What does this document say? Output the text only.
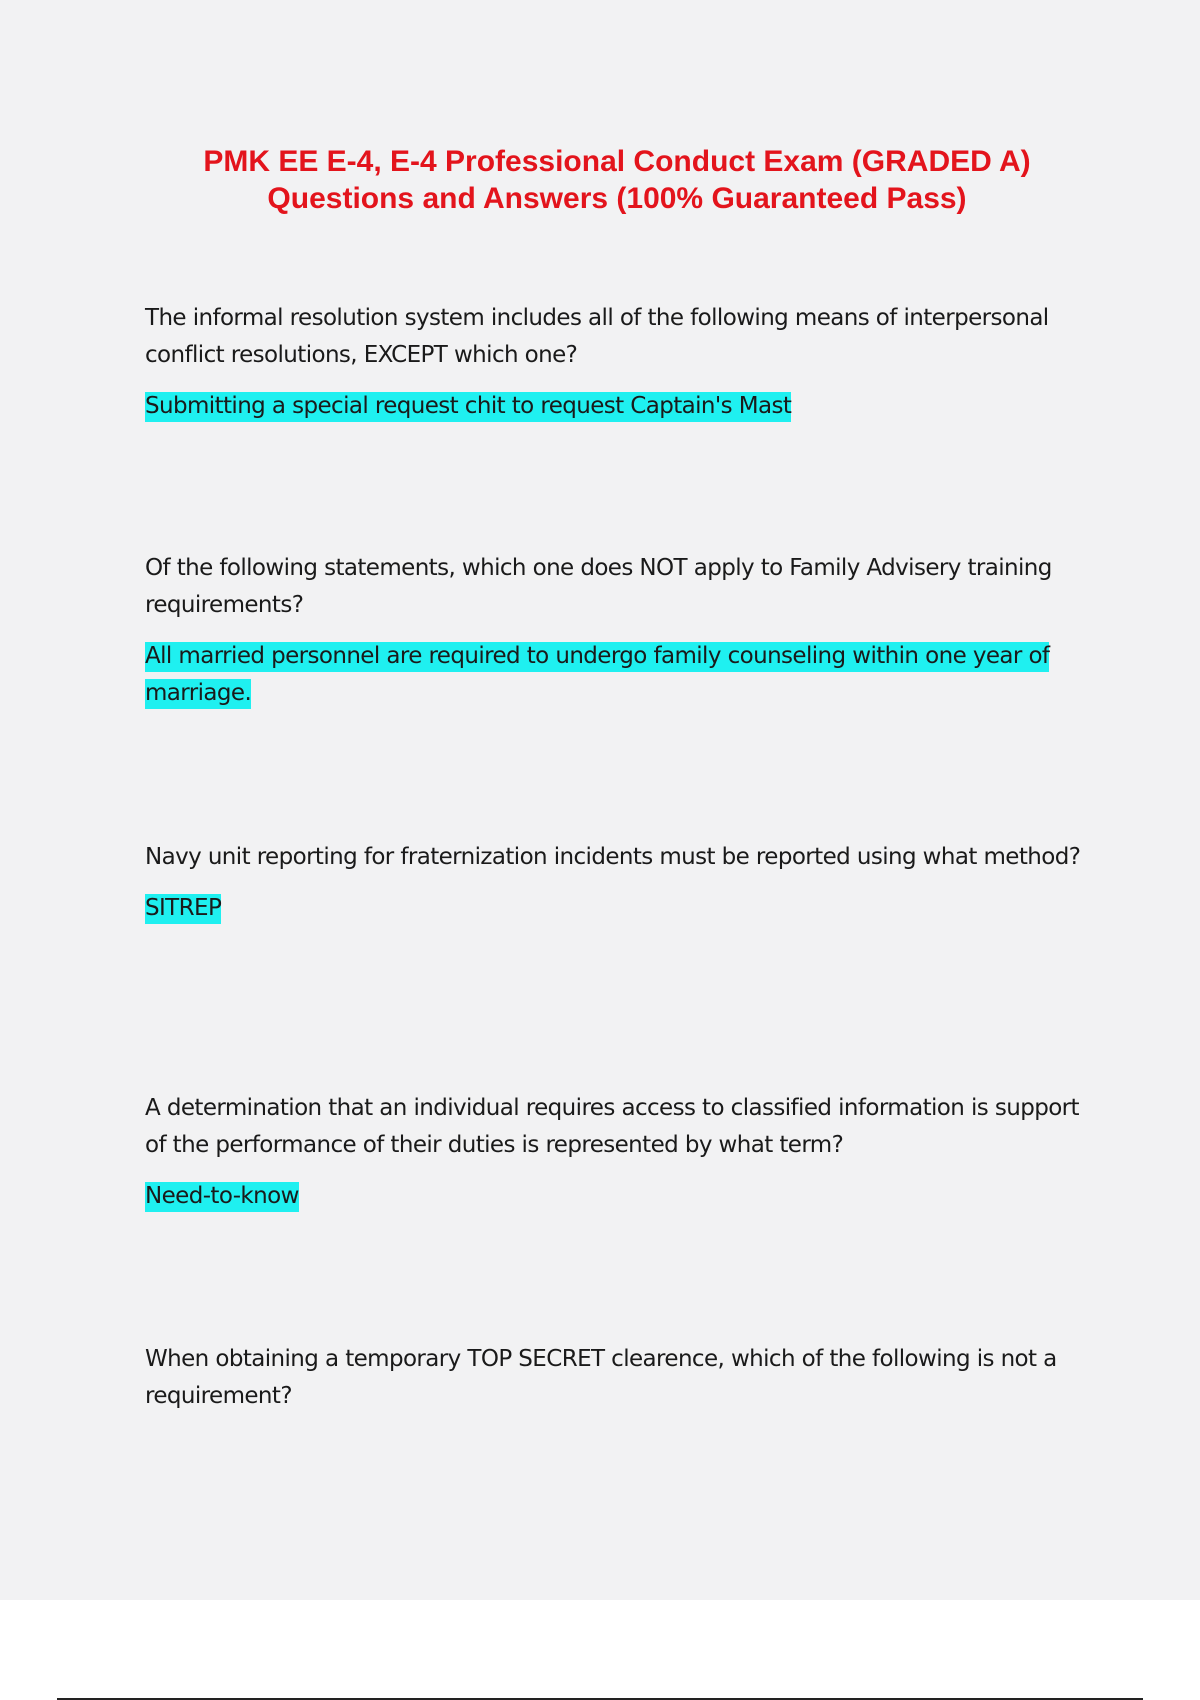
PMK EE E-4, E-4 Professional Conduct Exam (GRADED A)
Questions and Answers (100% Guaranteed Pass)

The informal resolution system includes all of the following means of interpersonal conflict resolutions, EXCEPT which one?

Submitting a special request chit to request Captain's Mast

Of the following statements, which one does NOT apply to Family Advisery training requirements?

All married personnel are required to undergo family counseling within one year of marriage.

Navy unit reporting for fraternization incidents must be reported using what method?

SITREP

A determination that an individual requires access to classified information is support of the performance of their duties is represented by what term?

Need-to-know

When obtaining a temporary TOP SECRET clearence, which of the following is not a requirement?
